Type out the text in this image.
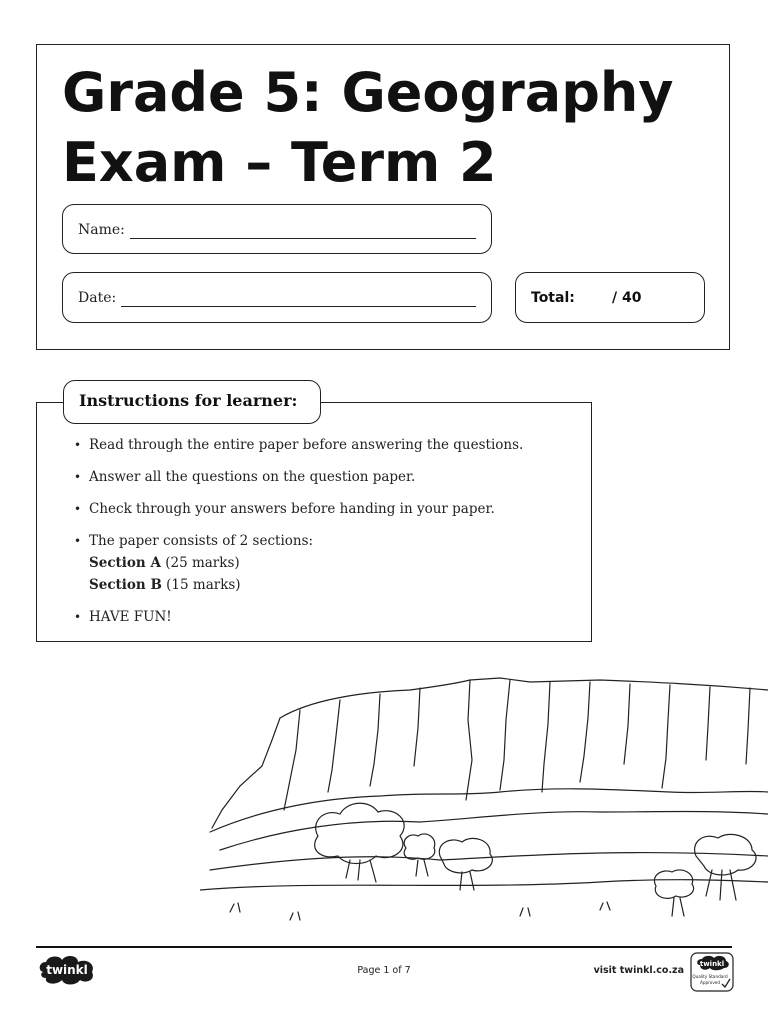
Grade 5: Geography
Exam – Term 2
Name:
Date:	Total:	/ 40
Instructions for learner:
• Read through the entire paper before answering the questions.
• Answer all the questions on the question paper.
• Check through your answers before handing in your paper.
• The paper consists of 2 sections:
Section A (25 marks)
Section B (15 marks)
• HAVE FUN!
twinkl	Page 1 of 7	visit twinkl.co.za
twinkl
Quality Standard
Approved
